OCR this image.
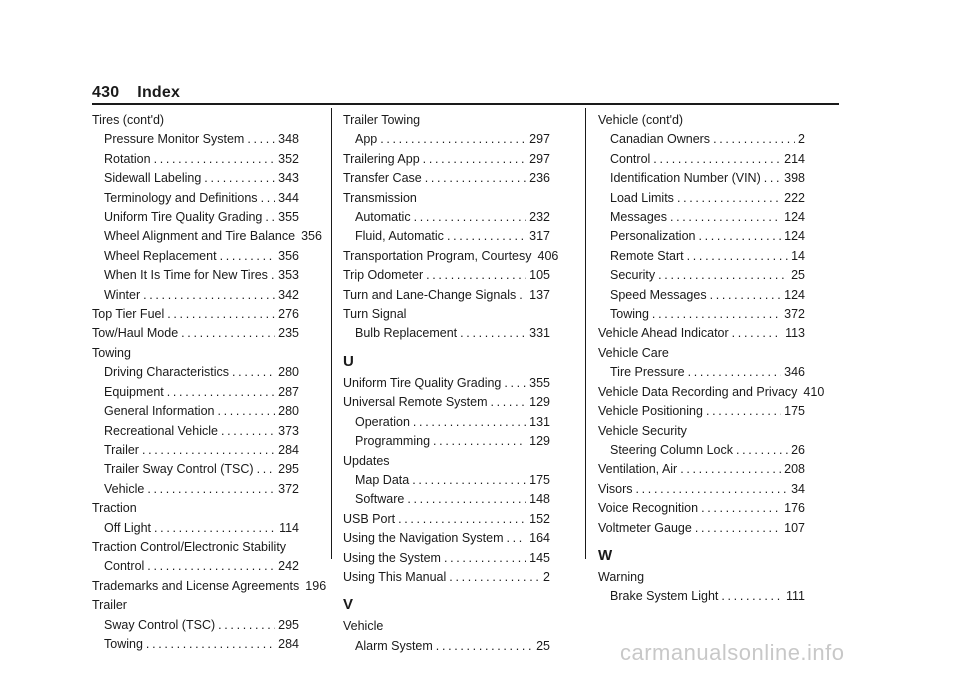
430 Index
Tires (cont'd)
Pressure Monitor System . . .	348
Rotation . . .	352
Sidewall Labeling . . .	343
Terminology and Definitions . . . 344
Uniform Tire Quality Grading . . . 355
Wheel Alignment and Tire Balance 356
Wheel Replacement . . .	356
When It Is Time for New Tires . . . 353
Winter . . .	342
Top Tier Fuel . . .	276
Tow/Haul Mode . . .	235
Towing
Driving Characteristics . . .	280
Equipment . . .	287
General Information . . .	280
Recreational Vehicle . . .	373
Trailer . . .	284
Trailer Sway Control (TSC) . . . 295
Vehicle . . .	372
Traction
Off Light . . .	114
Traction Control/Electronic Stability
Control . . .	242
Trademarks and License Agreements 196
Trailer
Sway Control (TSC) . . .	295
Towing . . .	284
Trailer Towing
App . . .	297
Trailering App . . .	297
Transfer Case . . .	236
Transmission
Automatic . . .	232
Fluid, Automatic . . .	317
Transportation Program, Courtesy 406
Trip Odometer . . .	105
Turn and Lane-Change Signals . . . 137
Turn Signal
Bulb Replacement . . .	331
U
Uniform Tire Quality Grading . . . 355
Universal Remote System . . .	129
Operation . . .	131
Programming . . .	129
Updates
Map Data . . .	175
Software . . .	148
USB Port . . .	152
Using the Navigation System . . . 164
Using the System . . .	145
Using This Manual . . .	2
V
Vehicle
Alarm System . . .	25
Vehicle (cont'd)
Canadian Owners . . .	2
Control . . .	214
Identification Number (VIN) . . . 398
Load Limits . . .	222
Messages . . .	124
Personalization . . .	124
Remote Start . . .	14
Security . . .	25
Speed Messages . . .	124
Towing . . .	372
Vehicle Ahead Indicator . . .	113
Vehicle Care
Tire Pressure . . .	346
Vehicle Data Recording and Privacy 410
Vehicle Positioning . . .	175
Vehicle Security
Steering Column Lock . . .	26
Ventilation, Air . . .	208
Visors . . .	34
Voice Recognition . . .	176
Voltmeter Gauge . . .	107
W
Warning
Brake System Light . . .	111
carmanualsonline.info
